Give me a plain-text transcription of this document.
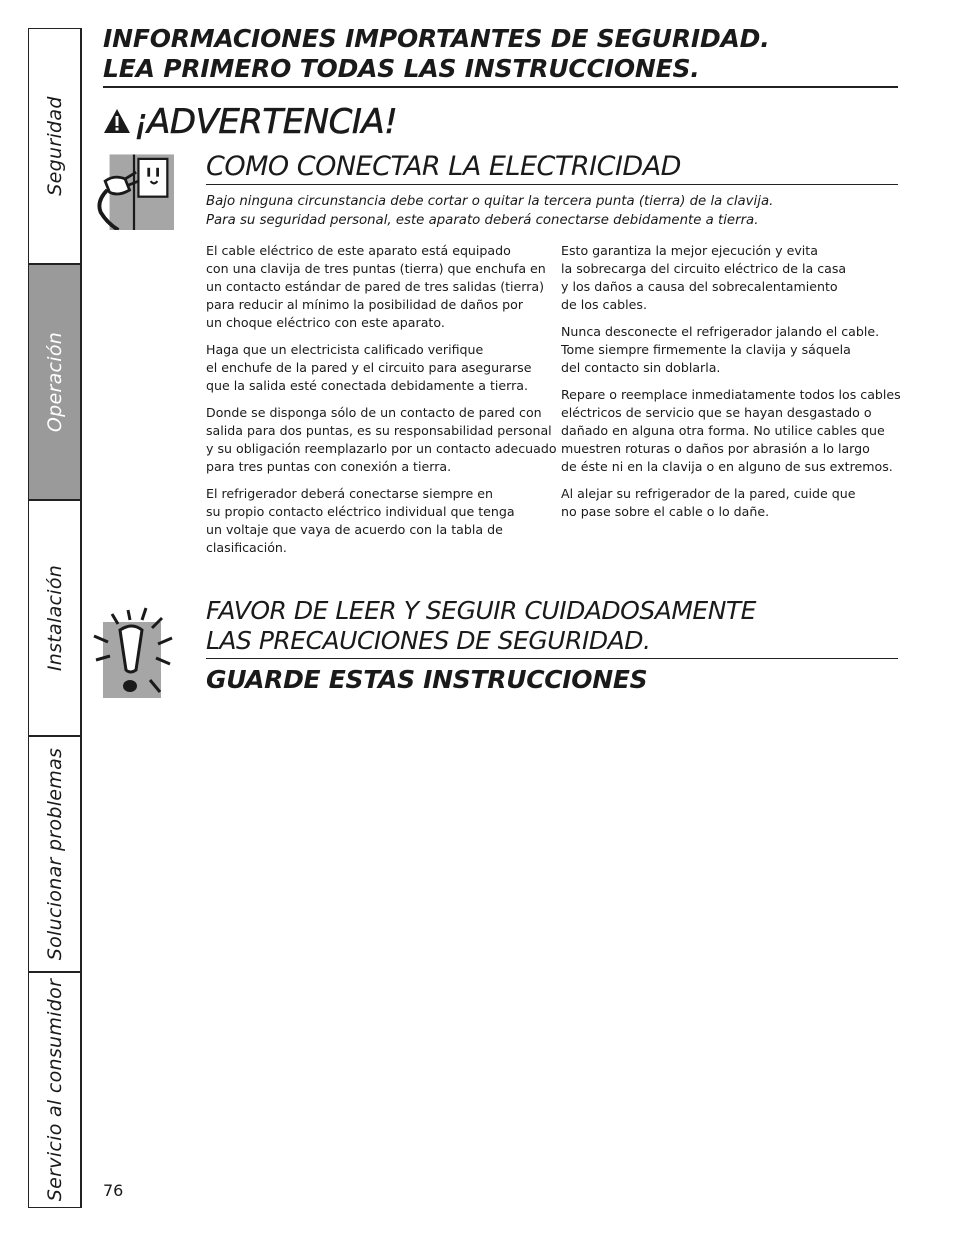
Seguridad
Operación
Instalación
Solucionar problemas
Servicio al consumidor
INFORMACIONES IMPORTANTES DE SEGURIDAD.
LEA PRIMERO TODAS LAS INSTRUCCIONES.
¡ADVERTENCIA!
COMO CONECTAR LA ELECTRICIDAD
Bajo ninguna circunstancia debe cortar o quitar la tercera punta (tierra) de la clavija.
Para su seguridad personal, este aparato deberá conectarse debidamente a tierra.
El cable eléctrico de este aparato está equipado
con una clavija de tres puntas (tierra) que enchufa en
un contacto estándar de pared de tres salidas (tierra)
para reducir al mínimo la posibilidad de daños por
un choque eléctrico con este aparato.
Haga que un electricista calificado verifique
el enchufe de la pared y el circuito para asegurarse
que la salida esté conectada debidamente a tierra.
Donde se disponga sólo de un contacto de pared con
salida para dos puntas, es su responsabilidad personal
y su obligación reemplazarlo por un contacto adecuado
para tres puntas con conexión a tierra.
El refrigerador deberá conectarse siempre en
su propio contacto eléctrico individual que tenga
un voltaje que vaya de acuerdo con la tabla de
clasificación.
Esto garantiza la mejor ejecución y evita
la sobrecarga del circuito eléctrico de la casa
y los daños a causa del sobrecalentamiento
de los cables.
Nunca desconecte el refrigerador jalando el cable.
Tome siempre firmemente la clavija y sáquela
del contacto sin doblarla.
Repare o reemplace inmediatamente todos los cables
eléctricos de servicio que se hayan desgastado o
dañado en alguna otra forma. No utilice cables que
muestren roturas o daños por abrasión a lo largo
de éste ni en la clavija o en alguno de sus extremos.
Al alejar su refrigerador de la pared, cuide que
no pase sobre el cable o lo dañe.
FAVOR DE LEER Y SEGUIR CUIDADOSAMENTE
LAS PRECAUCIONES DE SEGURIDAD.
GUARDE ESTAS INSTRUCCIONES
76
